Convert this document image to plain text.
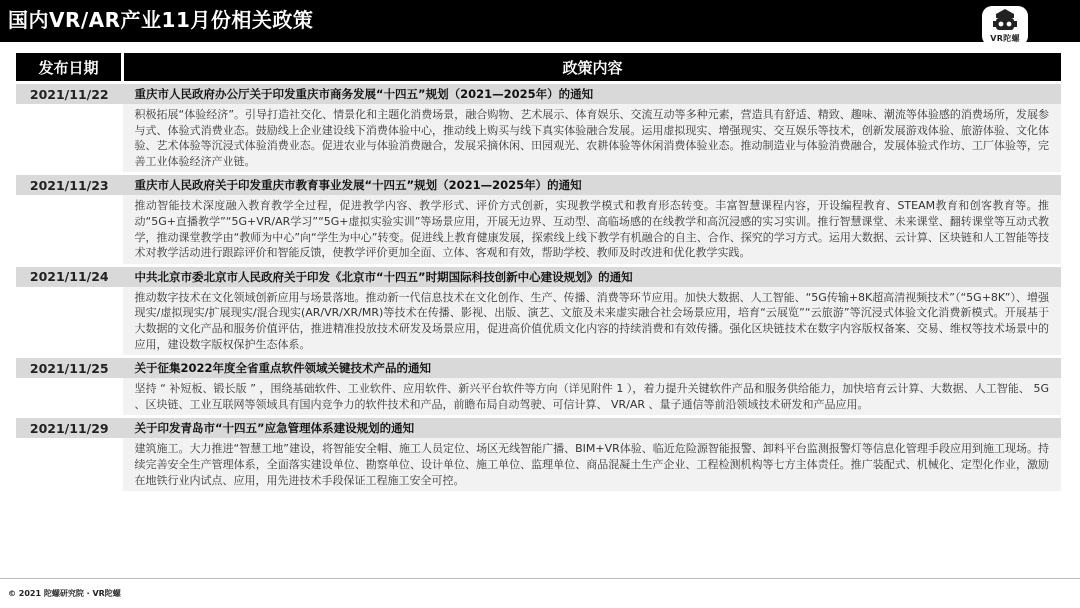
国内VR/AR产业11月份相关政策
VR陀螺
发布日期	政策内容

2021/11/22	重庆市人民政府办公厅关于印发重庆市商务发展“十四五”规划（2021—2025年）的通知

	积极拓展“体验经济”。引导打造社交化、情景化和主题化消费场景，融合购物、艺术展示、体育娱乐、交流互动等多种元素，营造具有舒适、精致、趣味、潮流等体验感的消费场所，发展参与式、体验式消费业态。鼓励线上企业建设线下消费体验中心，推动线上购买与线下真实体验融合发展。运用虚拟现实、增强现实、交互娱乐等技术，创新发展游戏体验、旅游体验、文化体验、艺术体验等沉浸式体验消费业态。促进农业与体验消费融合，发展采摘休闲、田园观光、农耕体验等休闲消费体验业态。推动制造业与体验消费融合，发展体验式作坊、工厂体验等，完善工业体验经济产业链。

2021/11/23	重庆市人民政府关于印发重庆市教育事业发展“十四五”规划（2021—2025年）的通知

	推动智能技术深度融入教育教学全过程，促进教学内容、教学形式、评价方式创新，实现教学模式和教育形态转变。丰富智慧课程内容，开设编程教育、STEAM教育和创客教育等。推动“5G+直播教学”“5G+VR/AR学习”“5G+虚拟实验实训”等场景应用，开展无边界、互动型、高临场感的在线教学和高沉浸感的实习实训。推行智慧课堂、未来课堂、翻转课堂等互动式教学，推动课堂教学由“教师为中心”向“学生为中心”转变。促进线上教育健康发展，探索线上线下教学有机融合的自主、合作、探究的学习方式。运用大数据、云计算、区块链和人工智能等技术对教学活动进行跟踪评价和智能反馈，使教学评价更加全面、立体、客观和有效，帮助学校、教师及时改进和优化教学实践。

2021/11/24	中共北京市委北京市人民政府关于印发《北京市“十四五”时期国际科技创新中心建设规划》的通知

	推动数字技术在文化领域创新应用与场景落地。推动新一代信息技术在文化创作、生产、传播、消费等环节应用。加快大数据、人工智能、“5G传输+8K超高清视频技术”（“5G+8K”）、增强现实/虚拟现实/扩展现实/混合现实(AR/VR/XR/MR)等技术在传播、影视、出版、演艺、文旅及未来虚实融合社会场景应用，培育“云展览”“云旅游”等沉浸式体验文化消费新模式。开展基于大数据的文化产品和服务价值评估，推进精准投放技术研发及场景应用，促进高价值优质文化内容的持续消费和有效传播。强化区块链技术在数字内容版权备案、交易、维权等技术场景中的应用，建设数字版权保护生态体系。

2021/11/25	关于征集2022年度全省重点软件领域关键技术产品的通知

	坚持 “ 补短板、锻长版 ” ，围绕基础软件、工业软件、应用软件、新兴平台软件等方向（详见附件 1 ），着力提升关键软件产品和服务供给能力，加快培育云计算、大数据、人工智能、 5G 、区块链、工业互联网等领域具有国内竞争力的软件技术和产品，前瞻布局自动驾驶、可信计算、 VR/AR 、量子通信等前沿领域技术研发和产品应用。

2021/11/29	关于印发青岛市“十四五”应急管理体系建设规划的通知

	建筑施工。大力推进“智慧工地”建设，将智能安全帽、施工人员定位、场区无线智能广播、BIM+VR体验、临近危险源智能报警、卸料平台监测报警灯等信息化管理手段应用到施工现场。持续完善安全生产管理体系，全面落实建设单位、勘察单位、设计单位、施工单位、监理单位、商品混凝土生产企业、工程检测机构等七方主体责任。推广装配式、机械化、定型化作业，激励在地铁行业内试点、应用，用先进技术手段保证工程施工安全可控。
© 2021 陀螺研究院 · VR陀螺
